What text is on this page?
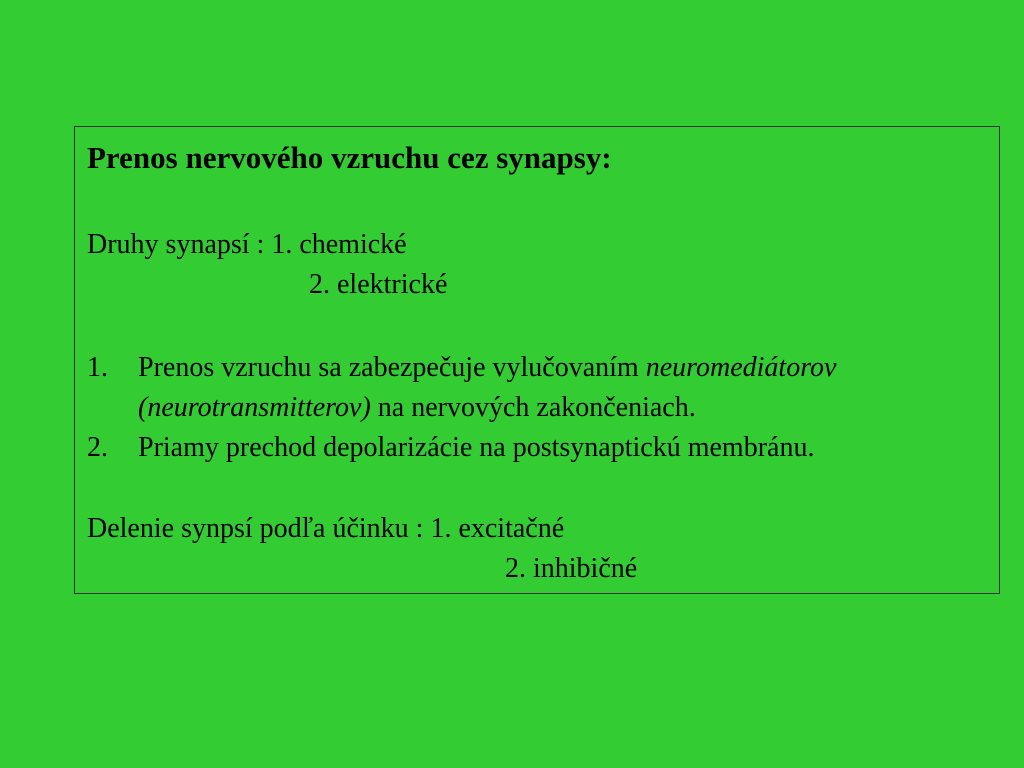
Prenos nervového vzruchu cez synapsy:
Druhy synapsí : 1. chemické
2. elektrické
1. Prenos vzruchu sa zabezpečuje vylučovaním neuromediátorov
(neurotransmitterov) na nervových zakončeniach.
2. Priamy prechod depolarizácie na postsynaptickú membránu.
Delenie synpsí podľa účinku : 1. excitačné
2. inhibičné
